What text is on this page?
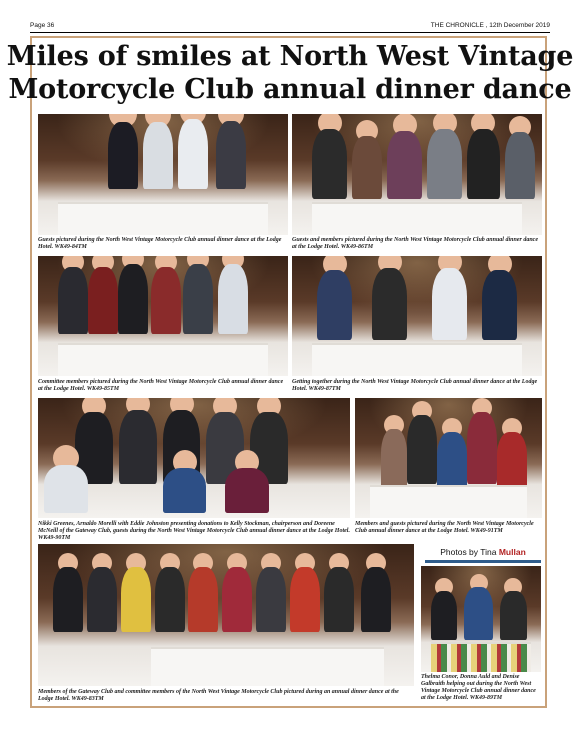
Page 36	THE CHRONICLE , 12th December 2019
Miles of smiles at North West Vintage
Motorcycle Club annual dinner dance
Guests pictured during the North West Vintage Motorcycle Club annual dinner dance at the Lodge Hotel. WK49-84TM
Guests and members pictured during the North West Vintage Motorcycle Club annual dinner dance at the Lodge Hotel. WK49-86TM
Committee members pictured during the North West Vintage Motorcycle Club annual dinner dance at the Lodge Hotel. WK49-85TM
Getting together during the North West Vintage Motorcycle Club annual dinner dance at the Lodge Hotel. WK49-87TM
Nikki Greenes, Arnaldo Morelli with Eddie Johnston presenting donations to Kelly Stockman, chairperson and Doreene McNeill of the Gateway Club, guests during the North West Vintage Motorcycle Club annual dinner dance at the Lodge Hotel. WK49-90TM
Members and guests pictured during the North West Vintage Motorcycle Club annual dinner dance at the Lodge Hotel. WK49-91TM
Members of the Gateway Club and committee members of the North West Vintage Motorcycle Club pictured during an annual dinner dance at the Lodge Hotel. WK49-83TM
Photos by Tina Mullan
Thelma Conor, Donna Auld and Denise Galbraith helping out during the North West Vintage Motorcycle Club annual dinner dance at the Lodge Hotel. WK49-89TM
